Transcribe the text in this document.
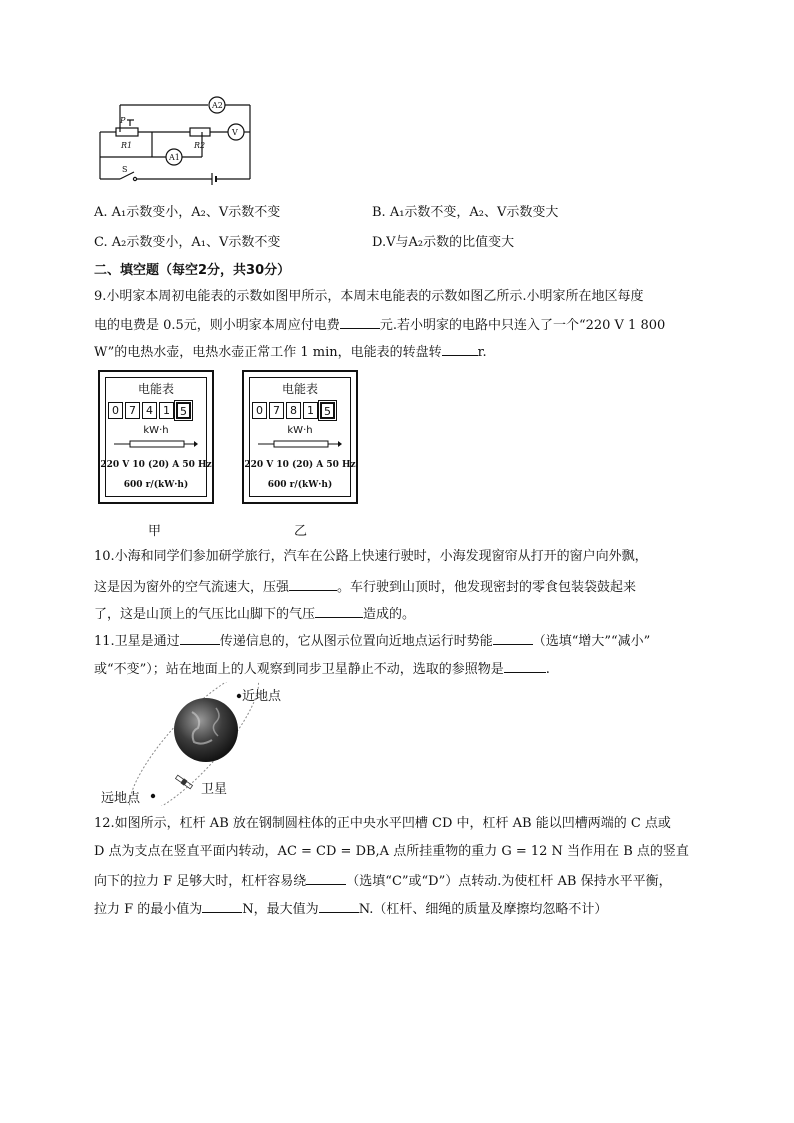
A2
P
V
R1	R2
A1
S
A. A₁示数变小，A₂、V示数不变	B. A₁示数不变，A₂、V示数变大
C. A₂示数变小，A₁、V示数不变	D.V与A₂示数的比值变大
二、填空题（每空2分，共30分）
9.小明家本周初电能表的示数如图甲所示，本周末电能表的示数如图乙所示.小明家所在地区每度
电的电费是 0.5元，则小明家本周应付电费	元.若小明家的电路中只连入了一个“220 V 1 800
W”的电热水壶，电热水壶正常工作 1 min，电能表的转盘转	r.
电能表
0 7 4 1 5
kW·h
220 V 10 (20) A 50 Hz
600 r/(kW·h)
甲
电能表
0 7 8 1 5
kW·h
220 V 10 (20) A 50 Hz
600 r/(kW·h)
乙
10.小海和同学们参加研学旅行，汽车在公路上快速行驶时，小海发现窗帘从打开的窗户向外飘，
这是因为窗外的空气流速大，压强	。车行驶到山顶时，他发现密封的零食包装袋鼓起来
了，这是山顶上的气压比山脚下的气压	造成的。
11.卫星是通过	传递信息的，它从图示位置向近地点运行时势能	（选填“增大”“减小”
或“不变”）；站在地面上的人观察到同步卫星静止不动，选取的参照物是	.
近地点
远地点
卫星
12.如图所示，杠杆 AB 放在钢制圆柱体的正中央水平凹槽 CD 中，杠杆 AB 能以凹槽两端的 C 点或
D 点为支点在竖直平面内转动，AC = CD = DB,A 点所挂重物的重力 G = 12 N 当作用在 B 点的竖直
向下的拉力 F 足够大时，杠杆容易绕	（选填“C”或“D”）点转动.为使杠杆 AB 保持水平平衡，
拉力 F 的最小值为	N，最大值为	N.（杠杆、细绳的质量及摩擦均忽略不计）
